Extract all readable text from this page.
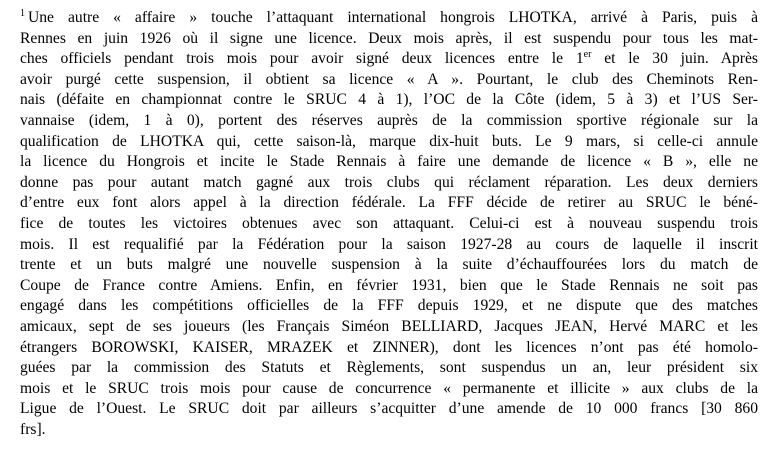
$^1$ Une autre « affaire » touche l’attaquant international hongrois LHOTKA, arrivé à Paris, puis à
Rennes en juin 1926 où il signe une licence. Deux mois après, il est suspendu pour tous les mat-
ches officiels pendant trois mois pour avoir signé deux licences entre le 1er et le 30 juin. Après
avoir purgé cette suspension, il obtient sa licence « A ». Pourtant, le club des Cheminots Ren-
nais (défaite en championnat contre le SRUC 4 à 1), l’OC de la Côte (idem, 5 à 3) et l’US Ser-
vannaise (idem, 1 à 0), portent des réserves auprès de la commission sportive régionale sur la
qualification de LHOTKA qui, cette saison-là, marque dix-huit buts. Le 9 mars, si celle-ci annule
la licence du Hongrois et incite le Stade Rennais à faire une demande de licence « B », elle ne
donne pas pour autant match gagné aux trois clubs qui réclament réparation. Les deux derniers
d’entre eux font alors appel à la direction fédérale. La FFF décide de retirer au SRUC le béné-
fice de toutes les victoires obtenues avec son attaquant. Celui-ci est à nouveau suspendu trois
mois. Il est requalifié par la Fédération pour la saison 1927-28 au cours de laquelle il inscrit
trente et un buts malgré une nouvelle suspension à la suite d’échauffourées lors du match de
Coupe de France contre Amiens. Enfin, en février 1931, bien que le Stade Rennais ne soit pas
engagé dans les compétitions officielles de la FFF depuis 1929, et ne dispute que des matches
amicaux, sept de ses joueurs (les Français Siméon BELLIARD, Jacques JEAN, Hervé MARC et les
étrangers BOROWSKI, KAISER, MRAZEK et ZINNER), dont les licences n’ont pas été homolo-
guées par la commission des Statuts et Règlements, sont suspendus un an, leur président six
mois et le SRUC trois mois pour cause de concurrence « permanente et illicite » aux clubs de la
Ligue de l’Ouest. Le SRUC doit par ailleurs s’acquitter d’une amende de 10 000 francs [30 860
frs].
